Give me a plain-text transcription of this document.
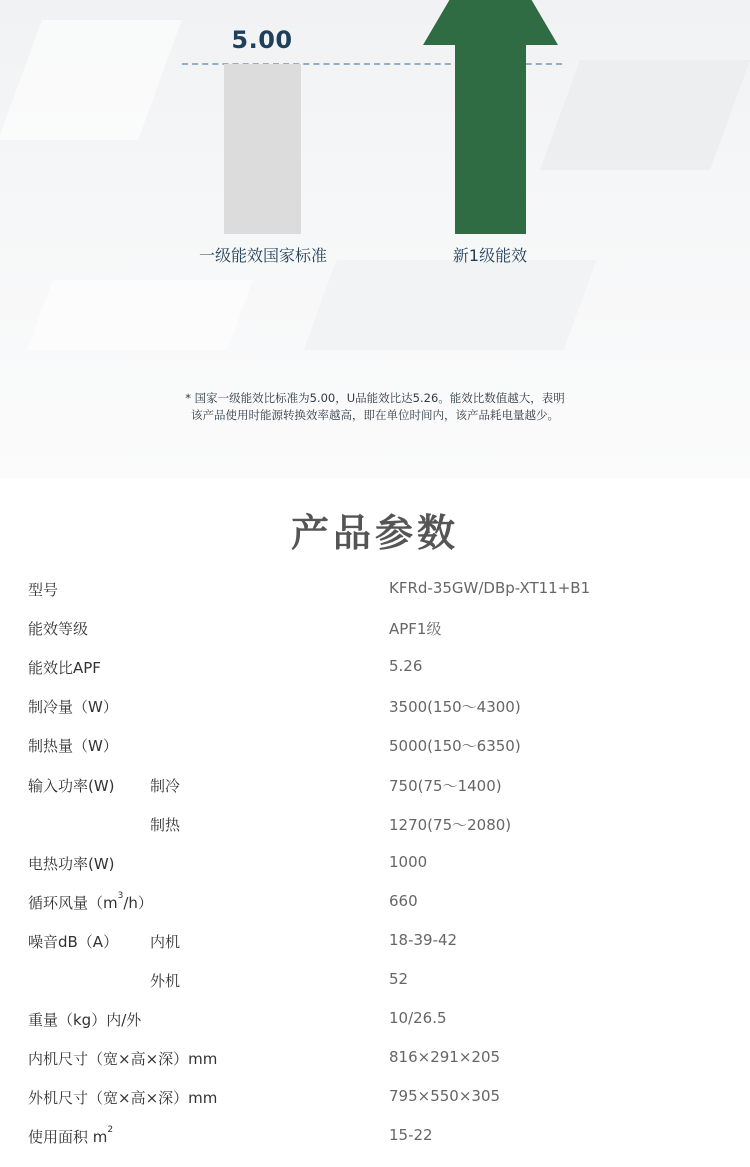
5.00
一级能效国家标准	新1级能效
* 国家一级能效比标准为5.00，U品能效比达5.26。能效比数值越大，表明
该产品使用时能源转换效率越高，即在单位时间内，该产品耗电量越少。
产品参数
型号	KFRd-35GW/DBp-XT11+B1
能效等级	APF1级
能效比APF	5.26
制冷量（W）	3500(150～4300)
制热量（W）	5000(150～6350)
输入功率(W) 制冷	750(75～1400)
制热	1270(75～2080)
电热功率(W)	1000
循环风量$(m^3/h)$	660
噪音dB（A） 内机	18-39-42
外机	52
重量（kg）内/外	10/26.5
内机尺寸（宽×高×深）mm	816×291×205
外机尺寸（宽×高×深）mm	795×550×305
使用面积 $m^2$	15-22
